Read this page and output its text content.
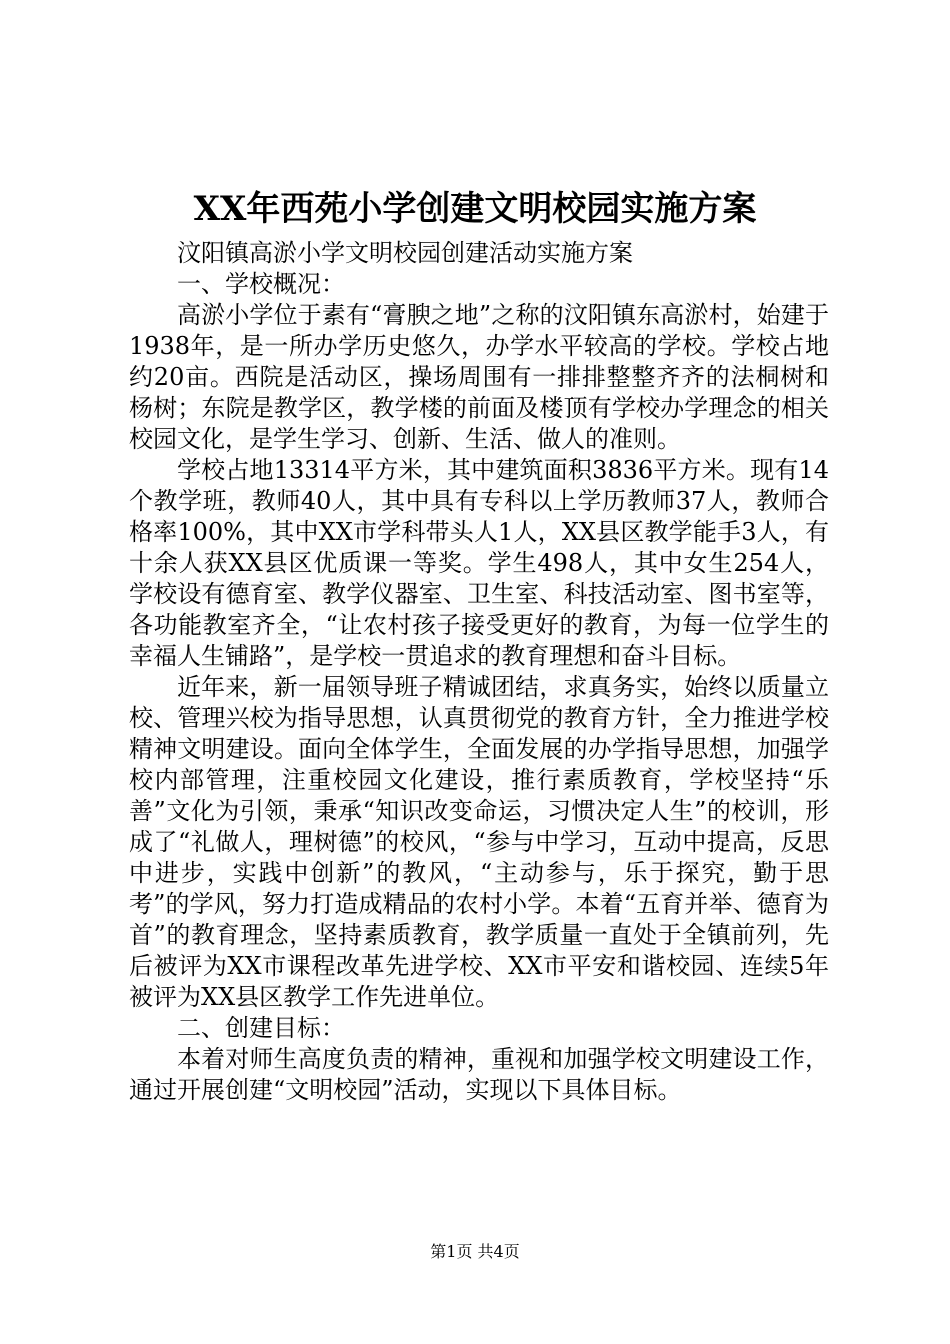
XX年西苑小学创建文明校园实施方案

汶阳镇高淤小学文明校园创建活动实施方案

一、学校概况：

高淤小学位于素有“膏腴之地”之称的汶阳镇东高淤村，始建于1938年，是一所办学历史悠久，办学水平较高的学校。学校占地约20亩。西院是活动区，操场周围有一排排整整齐齐的法桐树和杨树；东院是教学区，教学楼的前面及楼顶有学校办学理念的相关校园文化，是学生学习、创新、生活、做人的准则。

学校占地13314平方米，其中建筑面积3836平方米。现有14个教学班，教师40人，其中具有专科以上学历教师37人，教师合格率100%，其中XX市学科带头人1人，XX县区教学能手3人，有十余人获XX县区优质课一等奖。学生498人，其中女生254人，学校设有德育室、教学仪器室、卫生室、科技活动室、图书室等，各功能教室齐全，“让农村孩子接受更好的教育，为每一位学生的幸福人生铺路”，是学校一贯追求的教育理想和奋斗目标。

近年来，新一届领导班子精诚团结，求真务实，始终以质量立校、管理兴校为指导思想，认真贯彻党的教育方针，全力推进学校精神文明建设。面向全体学生，全面发展的办学指导思想，加强学校内部管理，注重校园文化建设，推行素质教育，学校坚持“乐善”文化为引领，秉承“知识改变命运，习惯决定人生”的校训，形成了“礼做人，理树德”的校风，“参与中学习，互动中提高，反思中进步，实践中创新”的教风，“主动参与，乐于探究，勤于思考”的学风，努力打造成精品的农村小学。本着“五育并举、德育为首”的教育理念，坚持素质教育，教学质量一直处于全镇前列，先后被评为XX市课程改革先进学校、XX市平安和谐校园、连续5年被评为XX县区教学工作先进单位。

二、创建目标：

本着对师生高度负责的精神，重视和加强学校文明建设工作，通过开展创建“文明校园”活动，实现以下具体目标。

第1页 共4页
